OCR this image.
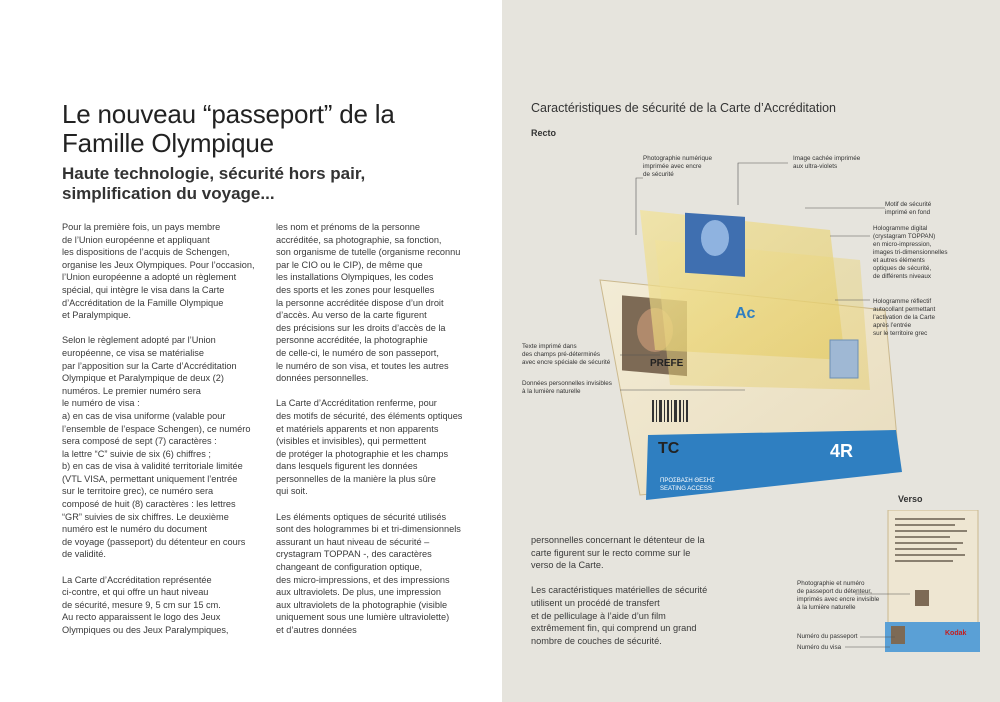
Le nouveau “passeport” de la Famille Olympique
Haute technologie, sécurité hors pair, simplification du voyage...

Pour la première fois, un pays membre
de l’Union européenne et appliquant
les dispositions de l’acquis de Schengen,
organise les Jeux Olympiques. Pour l’occasion,
l’Union européenne a adopté un règlement
spécial, qui intègre le visa dans la Carte
d’Accréditation de la Famille Olympique
et Paralympique.

Selon le règlement adopté par l’Union
européenne, ce visa se matérialise
par l’apposition sur la Carte d’Accréditation
Olympique et Paralympique de deux (2)
numéros. Le premier numéro sera
le numéro de visa :
a) en cas de visa uniforme (valable pour
l’ensemble de l’espace Schengen), ce numéro
sera composé de sept (7) caractères :
la lettre “C” suivie de six (6) chiffres ;
b) en cas de visa à validité territoriale limitée
(VTL VISA, permettant uniquement l’entrée
sur le territoire grec), ce numéro sera
composé de huit (8) caractères : les lettres
“GR” suivies de six chiffres. Le deuxième
numéro est le numéro du document
de voyage (passeport) du détenteur en cours
de validité.

La Carte d’Accréditation représentée
ci-contre, et qui offre un haut niveau
de sécurité, mesure 9, 5 cm sur 15 cm.
Au recto apparaissent le logo des Jeux
Olympiques ou des Jeux Paralympiques,

les nom et prénoms de la personne
accréditée, sa photographie, sa fonction,
son organisme de tutelle (organisme reconnu
par le CIO ou le CIP), de même que
les installations Olympiques, les codes
des sports et les zones pour lesquelles
la personne accréditée dispose d’un droit
d’accès. Au verso de la carte figurent
des précisions sur les droits d’accès de la
personne accréditée, la photographie
de celle-ci, le numéro de son passeport,
le numéro de son visa, et toutes les autres
données personnelles.

La Carte d’Accréditation renferme, pour
des motifs de sécurité, des éléments optiques
et matériels apparents et non apparents
(visibles et invisibles), qui permettent
de protéger la photographie et les champs
dans lesquels figurent les données
personnelles de la manière la plus sûre
qui soit.

Les éléments optiques de sécurité utilisés
sont des hologrammes bi et tri-dimensionnels
assurant un haut niveau de sécurité –
crystagram TOPPAN -, des caractères
changeant de configuration optique,
des micro-impressions, et des impressions
aux ultraviolets. De plus, une impression
aux ultraviolets de la photographie (visible
uniquement sous une lumière ultraviolette)
et d’autres données

Caractéristiques de sécurité de la Carte d’Accréditation
Recto
Verso

personnelles concernant le détenteur de la
carte figurent sur le recto comme sur le
verso de la Carte.

Les caractéristiques matérielles de sécurité
utilisent un procédé de transfert
et de pelliculage à l’aide d’un film
extrêmement fin, qui comprend un grand
nombre de couches de sécurité.

PREFE
Ac
TC	4R
ΠΡΟΣΒΑΣΗ ΘΕΣΗΣ
SEATING ACCESS
Kodak
Photographie numérique
imprimée avec encre
de sécurité
Image cachée imprimée
aux ultra-violets
Motif de sécurité
imprimé en fond
Hologramme digital
(crystagram TOPPAN)
en micro-impression,
images tri-dimensionnelles
et autres éléments
optiques de sécurité,
de différents niveaux
Hologramme réflectif
autocollant permettant
l’activation de la Carte
après l’entrée
sur le territoire grec
Texte imprimé dans
des champs pré-déterminés
avec encre spéciale de sécurité
Données personnelles invisibles
à la lumière naturelle
Photographie et numéro
de passeport du détenteur,
imprimés avec encre invisible
à la lumière naturelle
Numéro du passeport
Numéro du visa
